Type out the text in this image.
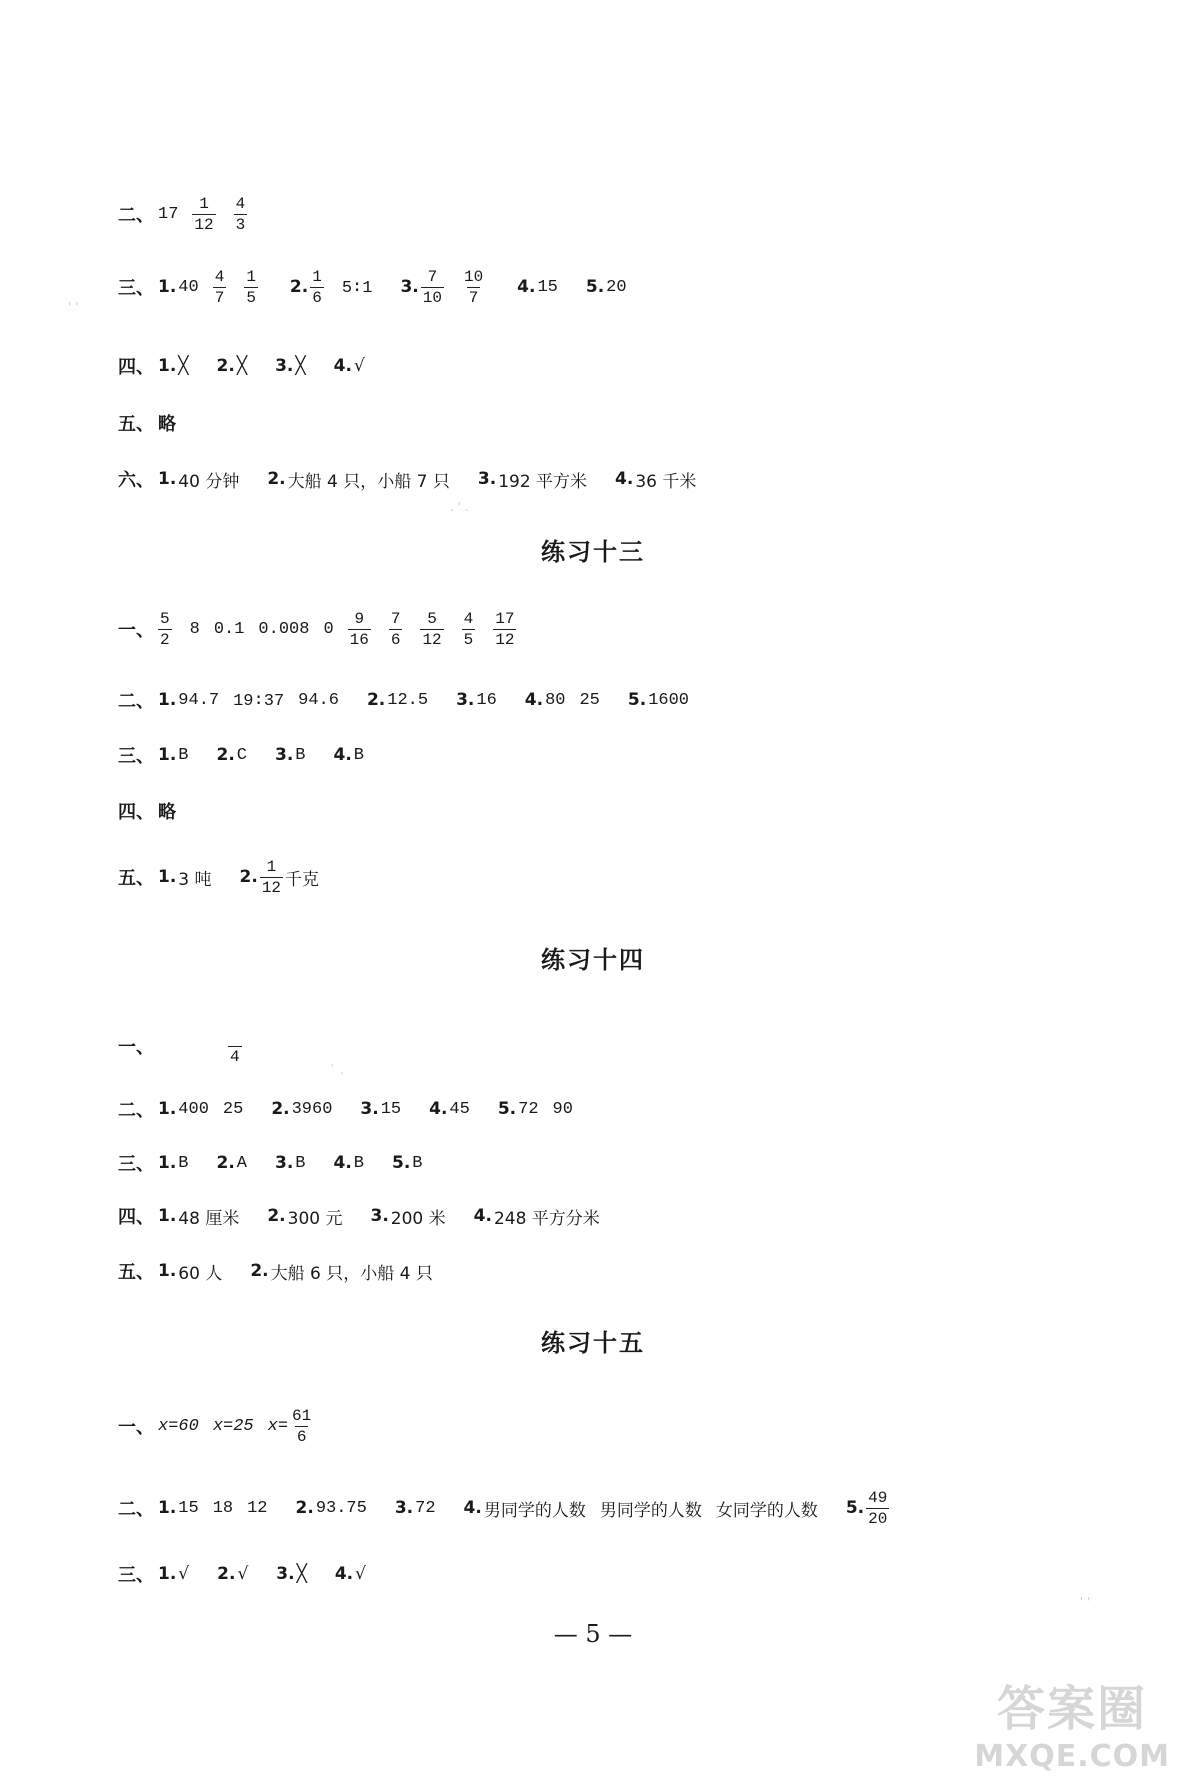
二、 $17 \frac{1}{12} \frac{4}{3}$
三、 1. $40 \frac{4}{7} \frac{1}{5} 2$. $\frac{1}{6}$ 5∶1 3. $\frac{7}{10} \frac{10}{7} 4$. 15 5. 20
四、 1. ╳ 2. ╳ 3. ╳ 4. √
五、 略
六、 1. 40 分钟 2. 大船 4 只，小船 7 只 3. 192 平方米 4. 36 千米
练习十三
一、 $\frac{5}{2} 8$ 0.1 0.008 $0 \frac{9}{16} \frac{7}{6} \frac{5}{12} \frac{4}{5} \frac{17}{12}$
二、 1. 94.7 19∶37 94.6 2. 12.5 3. 16 4. 80 25 5. 1600
三、 1. B 2. C 3. B 4. B
四、 略
五、 1. 3 吨 2. $\frac{1}{12}$ 千克
练习十四
一、	4
二、 1. 400 25 2. 3960 3. 15 4. 45 5. 72 90
三、 1. B 2. A 3. B 4. B 5. B
四、 1. 48 厘米 2. 300 元 3. 200 米 4. 248 平方分米
五、 1. 60 人 2. 大船 6 只，小船 4 只
练习十五
一、 x=60 x=25 $x= \frac{61}{6}$
二、 1. 15 18 12 2. 93.75 3. 72 4. 男同学的人数 男同学的人数 女同学的人数 5. $\frac{49}{20}$
三、 1. √ 2. √ 3. ╳ 4. √
— 5 —
' '
. ' .
` .
' '
答案圈
MXQE.COM
